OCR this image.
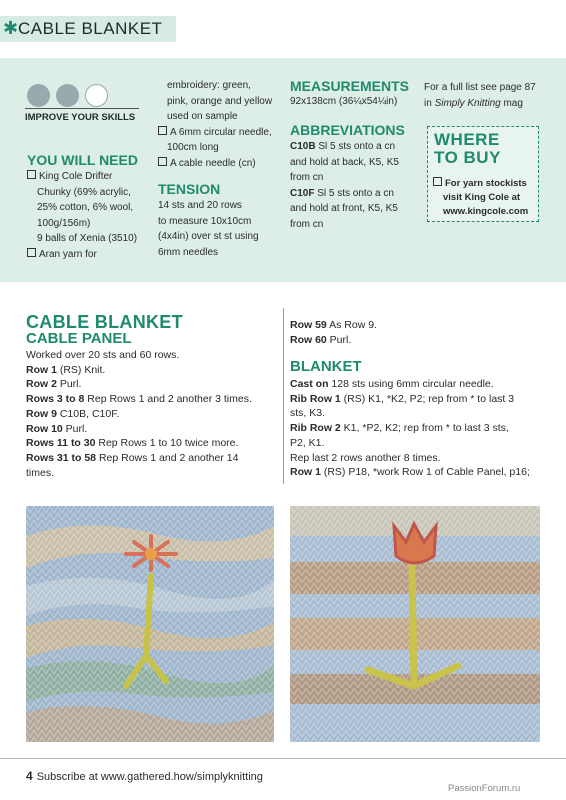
✱ CABLE BLANKET
IMPROVE YOUR SKILLS
YOU WILL NEED
King Cole Drifter
Chunky (69% acrylic,
25% cotton, 6% wool,
100g/156m)
9 balls of Xenia (3510)
Aran yarn for
embroidery: green,
pink, orange and yellow
used on sample
A 6mm circular needle,
100cm long
A cable needle (cn)
TENSION
14 sts and 20 rows
to measure 10x10cm
(4x4in) over st st using
6mm needles
MEASUREMENTS
92x138cm (36¼x54¼in)
ABBREVIATIONS
C10B Sl 5 sts onto a cn
and hold at back, K5, K5
from cn
C10F Sl 5 sts onto a cn
and hold at front, K5, K5
from cn
For a full list see page 87
in Simply Knitting mag
WHERE
TO BUY
For yarn stockists
visit King Cole at
www.kingcole.com
CABLE BLANKET
CABLE PANEL
Worked over 20 sts and 60 rows.
Row 1 (RS) Knit.
Row 2 Purl.
Rows 3 to 8 Rep Rows 1 and 2 another 3 times.
Row 9 C10B, C10F.
Row 10 Purl.
Rows 11 to 30 Rep Rows 1 to 10 twice more.
Rows 31 to 58 Rep Rows 1 and 2 another 14
times.
Row 59 As Row 9.
Row 60 Purl.
BLANKET
Cast on 128 sts using 6mm circular needle.
Rib Row 1 (RS) K1, *K2, P2; rep from * to last 3
sts, K3.
Rib Row 2 K1, *P2, K2; rep from * to last 3 sts,
P2, K1.
Rep last 2 rows another 8 times.
Row 1 (RS) P18, *work Row 1 of Cable Panel, p16;
4 Subscribe at www.gathered.how/simplyknitting
PassionForum.ru
